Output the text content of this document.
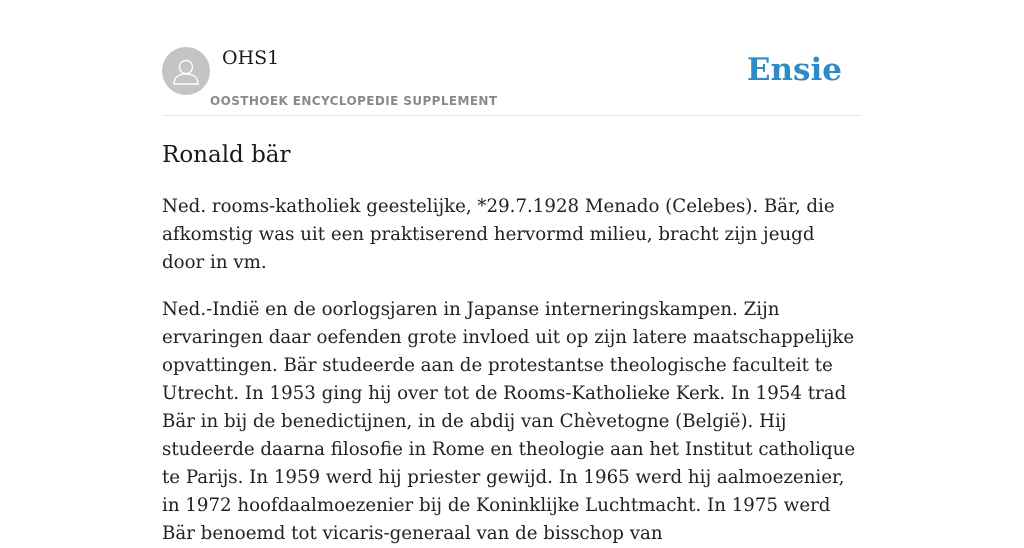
OHS1
OOSTHOEK ENCYCLOPEDIE SUPPLEMENT
Ensie
Ronald bär

Ned. rooms-katholiek geestelijke, *29.7.1928 Menado (Celebes). Bär, die afkomstig was uit een praktiserend hervormd milieu, bracht zijn jeugd door in vm.

Ned.-Indië en de oorlogsjaren in Japanse interneringskampen. Zijn ervaringen daar oefenden grote invloed uit op zijn latere maatschappelijke opvattingen. Bär studeerde aan de protestantse theologische faculteit te Utrecht. In 1953 ging hij over tot de Rooms-Katholieke Kerk. In 1954 trad Bär in bij de benedictijnen, in de abdij van Chèvetogne (België). Hij studeerde daarna filosofie in Rome en theologie aan het Institut catholique te Parijs. In 1959 werd hij priester gewijd. In 1965 werd hij aalmoezenier, in 1972 hoofdaalmoezenier bij de Koninklijke Luchtmacht. In 1975 werd Bär benoemd tot vicaris-generaal van de bisschop van
